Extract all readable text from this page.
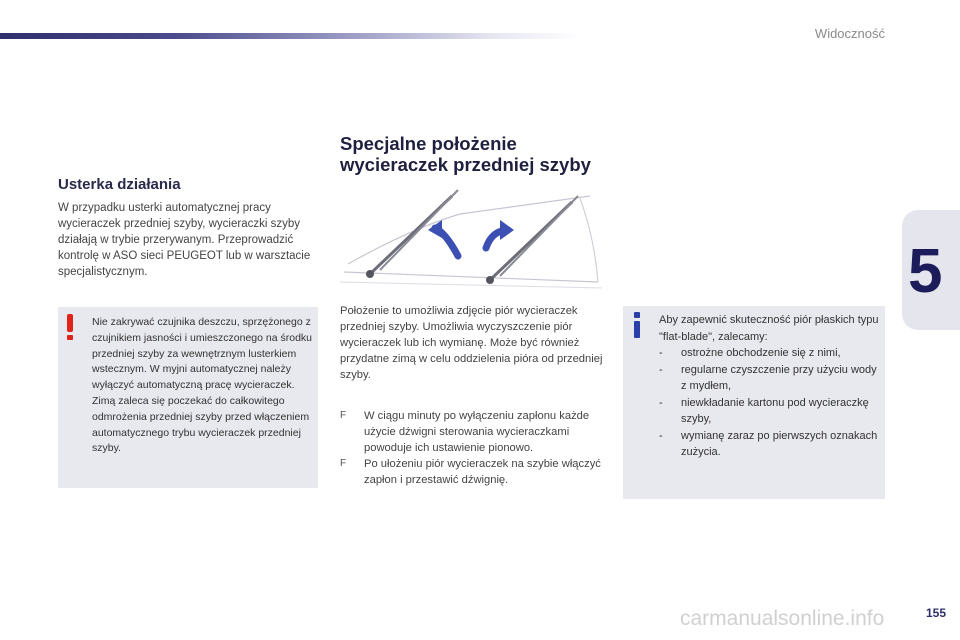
Widoczność
5
Usterka działania

W przypadku usterki automatycznej pracy wycieraczek przedniej szyby, wycieraczki szyby działają w trybie przerywanym. Przeprowadzić kontrolę w ASO sieci PEUGEOT lub w warsztacie specjalistycznym.

Nie zakrywać czujnika deszczu, sprzężonego z czujnikiem jasności i umieszczonego na środku przedniej szyby za wewnętrznym lusterkiem wstecznym. W myjni automatycznej należy wyłączyć automatyczną pracę wycieraczek. Zimą zaleca się poczekać do całkowitego odmrożenia przedniej szyby przed włączeniem automatycznego trybu wycieraczek przedniej szyby.

Specjalne położenie
wycieraczek przedniej szyby

Położenie to umożliwia zdjęcie piór wycieraczek przedniej szyby. Umożliwia wyczyszczenie piór wycieraczek lub ich wymianę. Może być również przydatne zimą w celu oddzielenia pióra od przedniej szyby.

F	W ciągu minuty po wyłączeniu zapłonu każde użycie dźwigni sterowania wycieraczkami powoduje ich ustawienie pionowo.
F	Po ułożeniu piór wycieraczek na szybie włączyć zapłon i przestawić dźwignię.

Aby zapewnić skuteczność piór płaskich typu "flat-blade", zalecamy:

- ostrożne obchodzenie się z nimi,
- regularne czyszczenie przy użyciu wody z mydłem,
- niewkładanie kartonu pod wycieraczkę szyby,
- wymianę zaraz po pierwszych oznakach zużycia.
carmanualsonline.info	155
